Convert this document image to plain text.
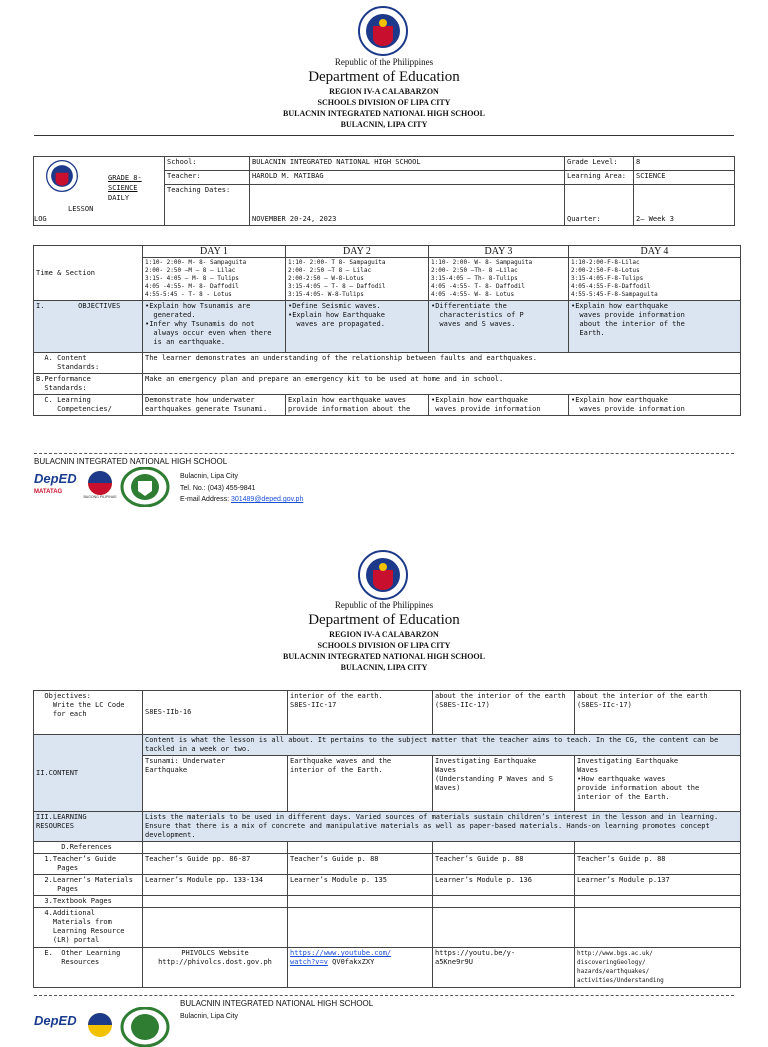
Republic of the Philippines
Department of Education
REGION IV-A CALABARZON
SCHOOLS DIVISION OF LIPA CITY
BULACNIN INTEGRATED NATIONAL HIGH SCHOOL
BULACNIN, LIPA CITY
GRADE 8-
SCIENCE
DAILY
LESSON
LOG	School:	BULACNIN INTEGRATED NATIONAL HIGH SCHOOL	Grade Level:	8
	Teacher:	HAROLD M. MATIBAG	Learning Area:	SCIENCE
	Teaching Dates:	NOVEMBER 20-24, 2023	Quarter:	2– Week 3
Time & Section	DAY 1	DAY 2	DAY 3	DAY 4
	1:10- 2:00- M- 8- Sampaguita
2:00- 2:50 –M – 8 – Lilac
3:15- 4:05 – M- 8 – Tulips
4:05 -4:55- M- 8- Daffodil
4:55-5:45 - T- 8 - Lotus	1:10- 2:00- T 8- Sampaguita
2:00- 2:50 –T 8 – Lilac
2:00-2:50 – W-8-Lotus
3:15-4:05 – T- 8 – Daffodil
3:15-4:05- W-8-Tulips	1:10- 2:00- W- 8- Sampaguita
2:00- 2:50 –Th- 8 –Lilac
3:15-4:05 – Th- 8-Tulips
4:05 -4:55- T- 8- Daffodil
4:05 -4:55- W- 8- Lotus	1:10-2:00-F-8-Lilac
2:00-2:50-F-8-Lotus
3:15-4:05-F-8-Tulips
4:05-4:55-F-8-Daffodil
4:55-5:45-F-8-Sampaguita
I.        OBJECTIVES	•Explain how Tsunamis are
generated.
•Infer why Tsunamis do not
always occur even when there
is an earthquake.	•Define Seismic waves.
•Explain how Earthquake
waves are propagated.	•Differentiate the
characteristics of P
waves and S waves.	•Explain how earthquake
waves provide information
about the interior of the
Earth.
A. Content
Standards:	The learner demonstrates an understanding of the relationship between faults and earthquakes.			
B.Performance
Standards:	Make an emergency plan and prepare an emergency kit to be used at home and in school.			
C. Learning
Competencies/	Demonstrate how underwater
earthquakes generate Tsunami.	Explain how earthquake waves
provide information about the	•Explain how earthquake
waves provide information	•Explain how earthquake
waves provide information
BULACNIN INTEGRATED NATIONAL HIGH SCHOOL
DepED
MATATAG
BAGONG PILIPINAS
Bulacnin, Lipa City
Tel. No.: (043) 455-9841
E-mail Address: 301489@deped.gov.ph
Republic of the Philippines
Department of Education
REGION IV-A CALABARZON
SCHOOLS DIVISION OF LIPA CITY
BULACNIN INTEGRATED NATIONAL HIGH SCHOOL
BULACNIN, LIPA CITY
Objectives:
Write the LC Code
for each	S8ES-IIb-16	interior of the earth.
S8ES-IIc-17	about the interior of the earth
(S8ES-IIc-17)	about the interior of the earth
(S8ES-IIc-17)
II.CONTENT	Content is what the lesson is all about. It pertains to the subject matter that the teacher aims to teach. In the CG, the content can be tackled in a week or two.			
	Tsunami: Underwater
Earthquake	Earthquake waves and the
interior of the Earth.	Investigating Earthquake
Waves
(Understanding P Waves and S
Waves)	Investigating Earthquake
Waves
•How earthquake waves
provide information about the
interior of the Earth.
III.LEARNING
RESOURCES	Lists the materials to be used in different days. Varied sources of materials sustain children’s interest in the lesson and in learning. Ensure that there is a mix of concrete and manipulative materials as well as paper-based materials. Hands-on learning promotes concept development.			
D.References				
1.Teacher’s Guide
Pages	Teacher’s Guide pp. 86-87	Teacher’s Guide p. 88	Teacher’s Guide p. 88	Teacher’s Guide p. 88
2.Learner’s Materials
Pages	Learner’s Module pp. 133-134	Learner’s Module p. 135	Learner’s Module p. 136	Learner’s Module p.137
3.Textbook Pages				
4.Additional
Materials from
Learning Resource
(LR) portal				
E.  Other Learning
Resources	PHIVOLCS Website
http://phivolcs.dost.gov.ph	https://www.youtube.com/
watch?v=v QV0fakxZXY	https://youtu.be/y-
a5Kne9r9U	http://www.bgs.ac.uk/
discoveringGeology/
hazards/earthquakes/
activities/Understanding
BULACNIN INTEGRATED NATIONAL HIGH SCHOOL
Bulacnin, Lipa City
DepED
